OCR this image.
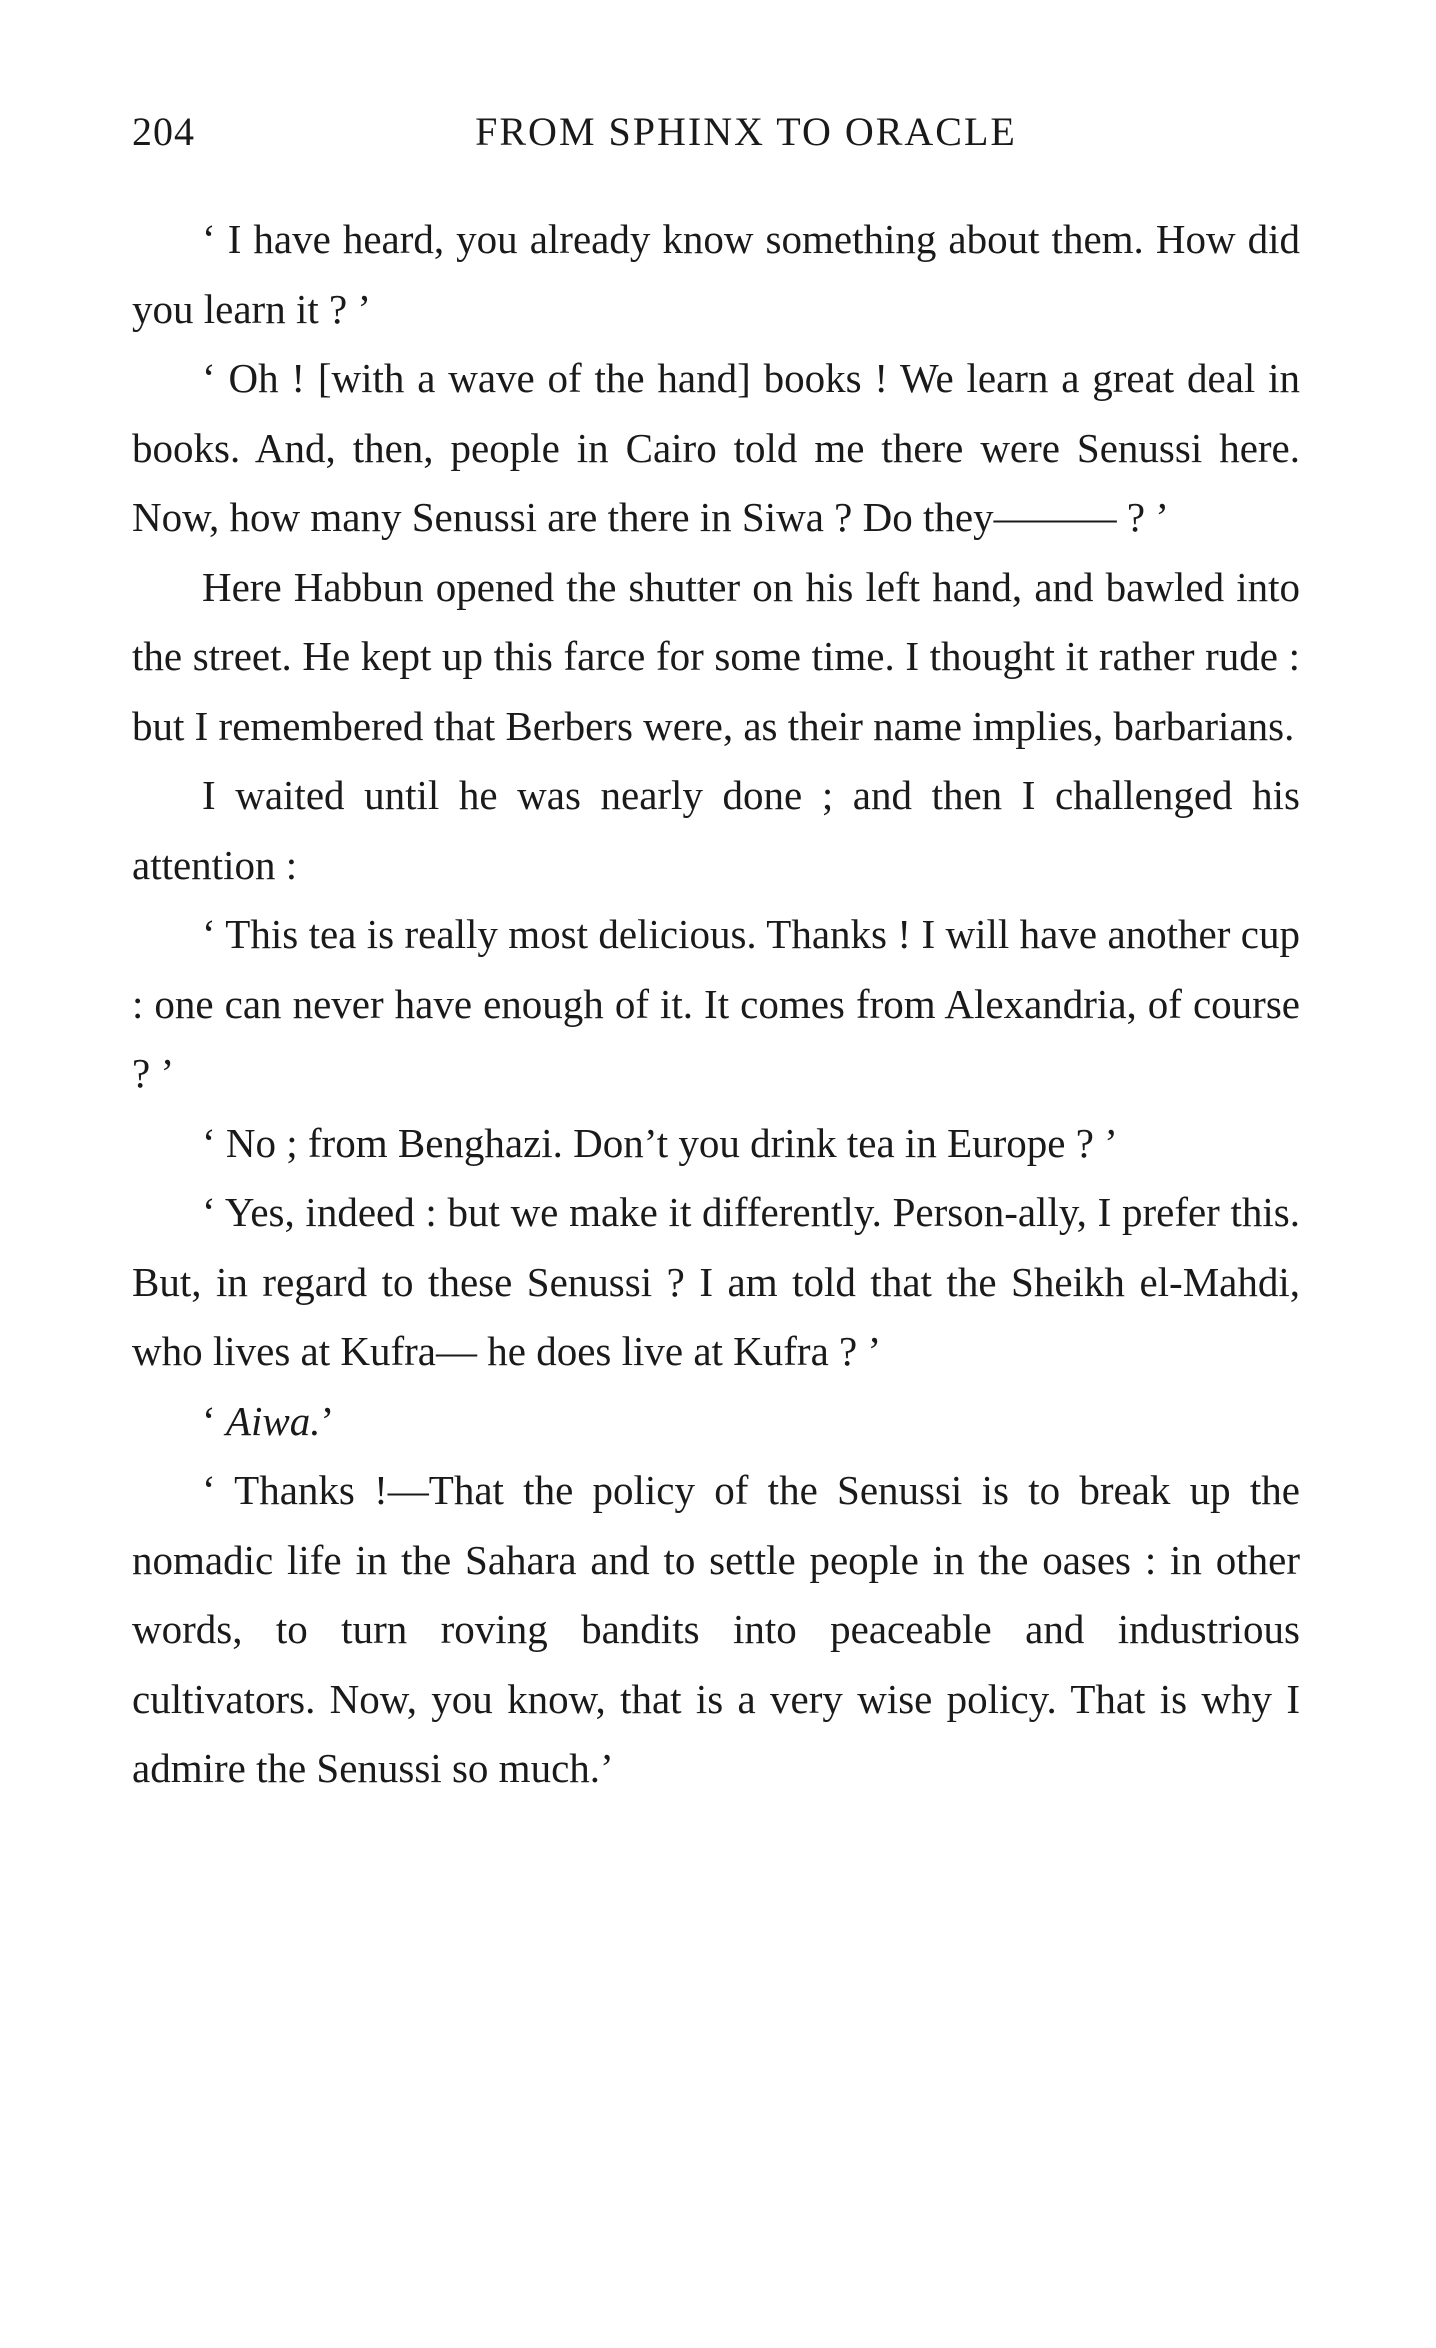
204	FROM SPHINX TO ORACLE

‘ I have heard, you already know something about them. How did you learn it ? ’

‘ Oh ! [with a wave of the hand] books ! We learn a great deal in books. And, then, people in Cairo told me there were Senussi here. Now, how many Senussi are there in Siwa ? Do they——— ? ’

Here Habbun opened the shutter on his left hand, and bawled into the street. He kept up this farce for some time. I thought it rather rude : but I remembered that Berbers were, as their name implies, barbarians.

I waited until he was nearly done ; and then I challenged his attention :

‘ This tea is really most delicious. Thanks ! I will have another cup : one can never have enough of it. It comes from Alexandria, of course ? ’

‘ No ; from Benghazi. Don’t you drink tea in Europe ? ’

‘ Yes, indeed : but we make it differently. Person-ally, I prefer this. But, in regard to these Senussi ? I am told that the Sheikh el-Mahdi, who lives at Kufra— he does live at Kufra ? ’

‘ Aiwa.’

‘ Thanks !—That the policy of the Senussi is to break up the nomadic life in the Sahara and to settle people in the oases : in other words, to turn roving bandits into peaceable and industrious cultivators. Now, you know, that is a very wise policy. That is why I admire the Senussi so much.’
